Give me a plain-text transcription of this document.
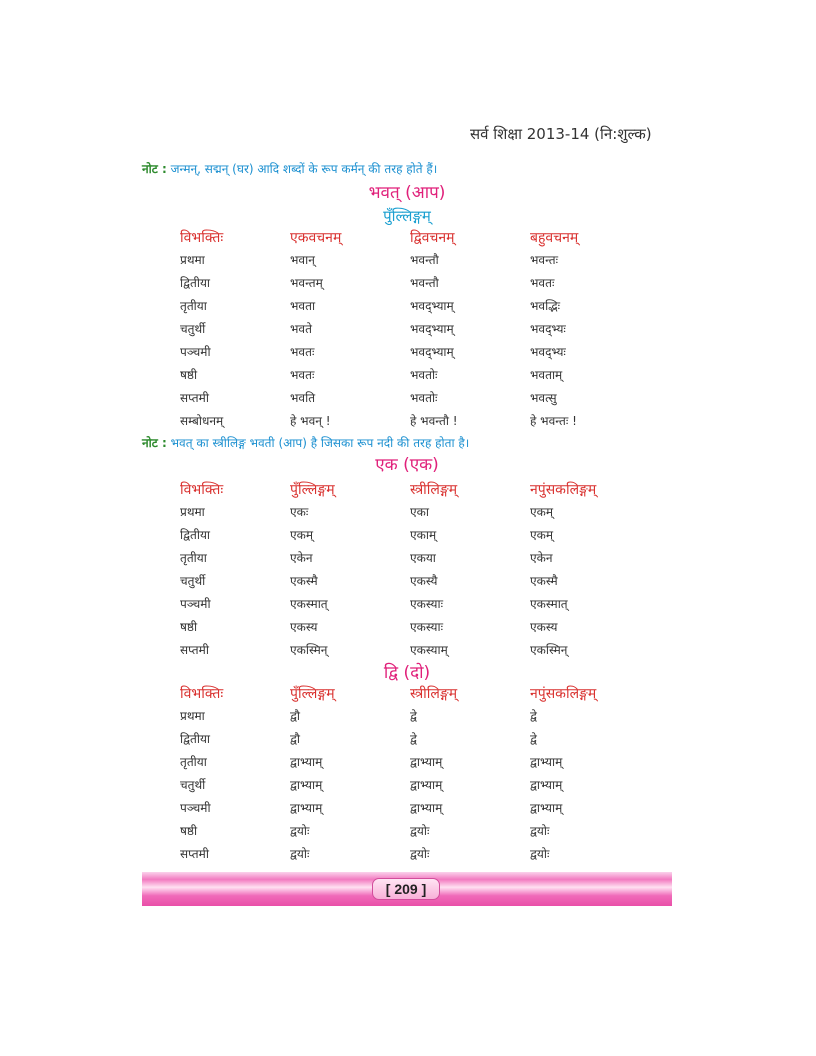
सर्व शिक्षा 2013-14 (नि:शुल्क)
नोट : जन्मन्, सद्मन् (घर) आदि शब्दों के रूप कर्मन् की तरह होते हैं।
भवत् (आप)
पुँल्लिङ्गम्
विभक्तिः	एकवचनम्	द्विवचनम्	बहुवचनम्
प्रथमा	भवान्	भवन्तौ	भवन्तः
द्वितीया	भवन्तम्	भवन्तौ	भवतः
तृतीया	भवता	भवद्भ्याम्	भवद्भिः
चतुर्थी	भवते	भवद्भ्याम्	भवद्भ्यः
पञ्चमी	भवतः	भवद्भ्याम्	भवद्भ्यः
षष्ठी	भवतः	भवतोः	भवताम्
सप्तमी	भवति	भवतोः	भवत्सु
सम्बोधनम्	हे भवन् !	हे भवन्तौ !	हे भवन्तः !
नोट : भवत् का स्त्रीलिङ्ग भवती (आप) है जिसका रूप नदी की तरह होता है।
एक (एक)
विभक्तिः	पुँल्लिङ्गम्	स्त्रीलिङ्गम्	नपुंसकलिङ्गम्
प्रथमा	एकः	एका	एकम्
द्वितीया	एकम्	एकाम्	एकम्
तृतीया	एकेन	एकया	एकेन
चतुर्थी	एकस्मै	एकस्यै	एकस्मै
पञ्चमी	एकस्मात्	एकस्याः	एकस्मात्
षष्ठी	एकस्य	एकस्याः	एकस्य
सप्तमी	एकस्मिन्	एकस्याम्	एकस्मिन्
द्वि (दो)
विभक्तिः	पुँल्लिङ्गम्	स्त्रीलिङ्गम्	नपुंसकलिङ्गम्
प्रथमा	द्वौ	द्वे	द्वे
द्वितीया	द्वौ	द्वे	द्वे
तृतीया	द्वाभ्याम्	द्वाभ्याम्	द्वाभ्याम्
चतुर्थी	द्वाभ्याम्	द्वाभ्याम्	द्वाभ्याम्
पञ्चमी	द्वाभ्याम्	द्वाभ्याम्	द्वाभ्याम्
षष्ठी	द्वयोः	द्वयोः	द्वयोः
सप्तमी	द्वयोः	द्वयोः	द्वयोः
[ 209 ]
